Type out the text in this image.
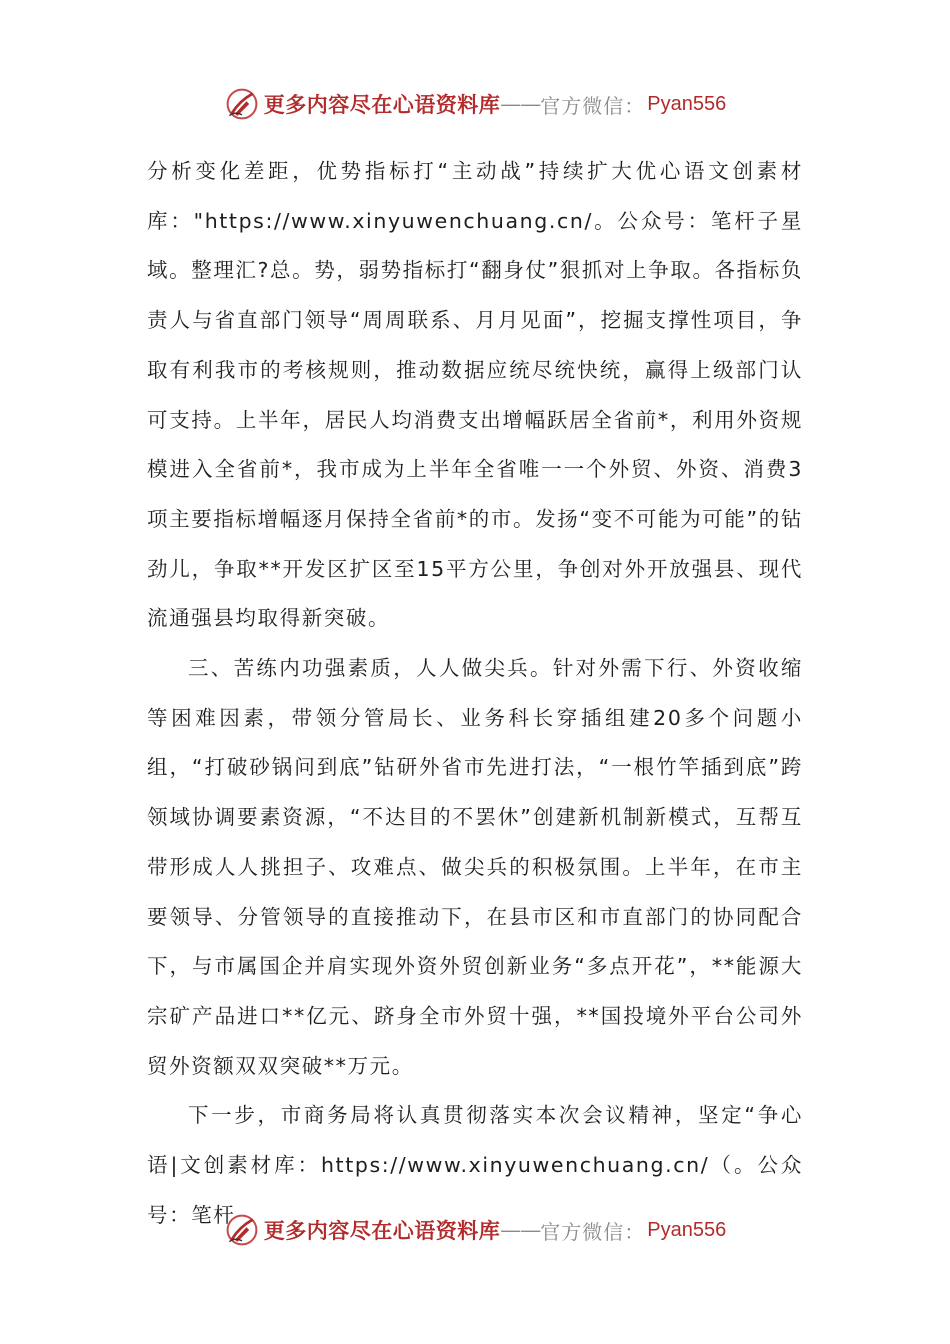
更多内容尽在心语资料库 —— 官方微信： Pyan556

分析变化差距，优势指标打“主动战”持续扩大优心语文创素材库："https://www.xinyuwenchuang.cn/。公众号：笔杆子星域。整理汇?总。势，弱势指标打“翻身仗”狠抓对上争取。各指标负责人与省直部门领导“周周联系、月月见面”，挖掘支撑性项目，争取有利我市的考核规则，推动数据应统尽统快统，赢得上级部门认可支持。上半年，居民人均消费支出增幅跃居全省前*，利用外资规模进入全省前*，我市成为上半年全省唯一一个外贸、外资、消费3项主要指标增幅逐月保持全省前*的市。发扬“变不可能为可能”的钻劲儿，争取**开发区扩区至15平方公里，争创对外开放强县、现代流通强县均取得新突破。

三、苦练内功强素质，人人做尖兵。针对外需下行、外资收缩等困难因素，带领分管局长、业务科长穿插组建20多个问题小组，“打破砂锅问到底”钻研外省市先进打法，“一根竹竿插到底”跨领域协调要素资源，“不达目的不罢休”创建新机制新模式，互帮互带形成人人挑担子、攻难点、做尖兵的积极氛围。上半年，在市主要领导、分管领导的直接推动下，在县市区和市直部门的协同配合下，与市属国企并肩实现外资外贸创新业务“多点开花”，**能源大宗矿产品进口**亿元、跻身全市外贸十强，**国投境外平台公司外贸外资额双双突破**万元。

下一步，市商务局将认真贯彻落实本次会议精神，坚定“争心语|文创素材库：https://www.xinyuwenchuang.cn/（。公众号：笔杆

更多内容尽在心语资料库 —— 官方微信： Pyan556
